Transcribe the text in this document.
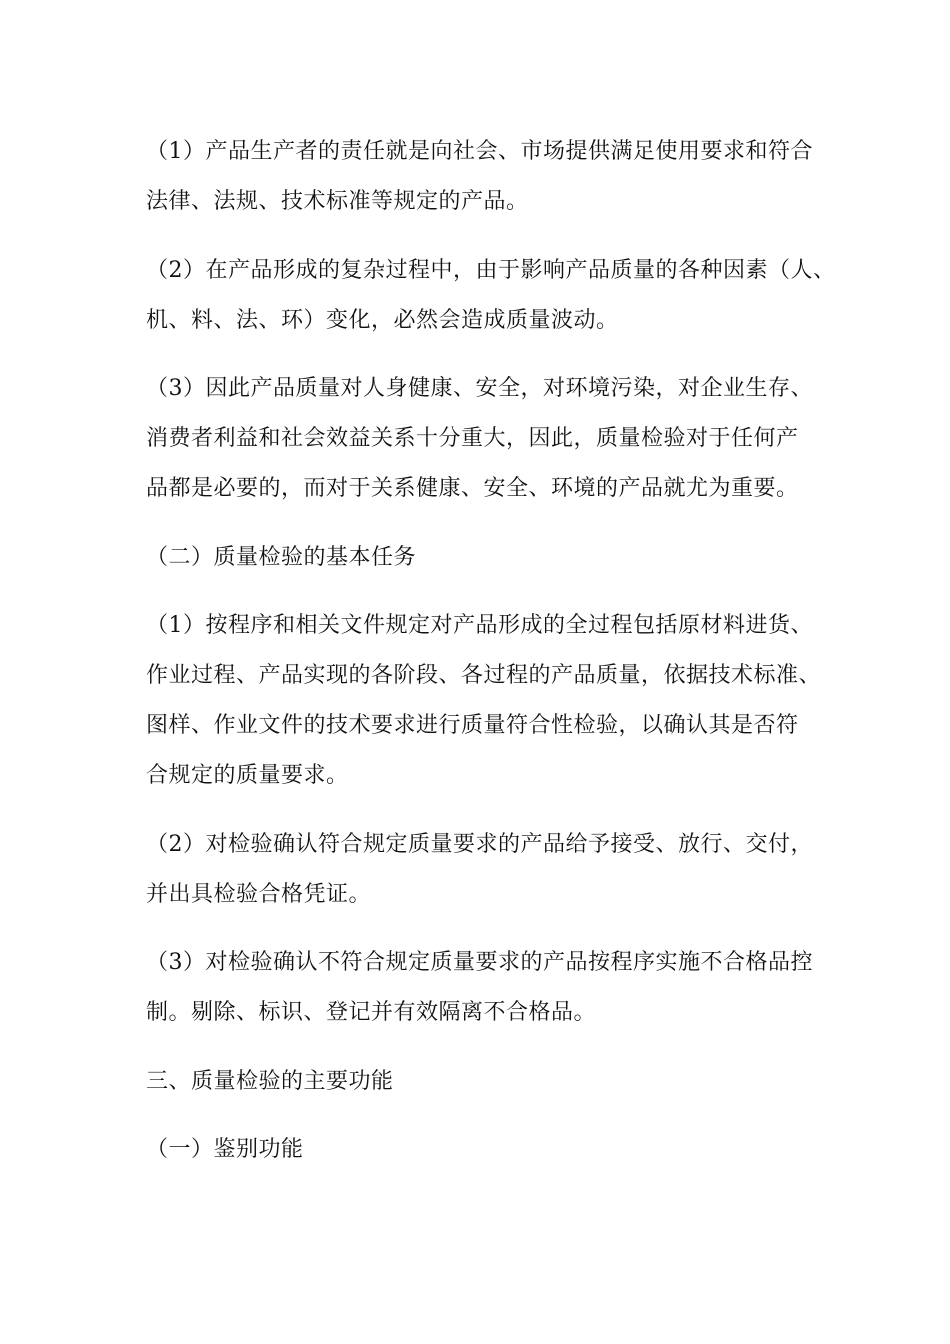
（1）产品生产者的责任就是向社会、市场提供满足使用要求和符合
法律、法规、技术标准等规定的产品。
（2）在产品形成的复杂过程中，由于影响产品质量的各种因素（人、
机、料、法、环）变化，必然会造成质量波动。
（3）因此产品质量对人身健康、安全，对环境污染，对企业生存、
消费者利益和社会效益关系十分重大，因此，质量检验对于任何产
品都是必要的，而对于关系健康、安全、环境的产品就尤为重要。
（二）质量检验的基本任务
（1）按程序和相关文件规定对产品形成的全过程包括原材料进货、
作业过程、产品实现的各阶段、各过程的产品质量，依据技术标准、
图样、作业文件的技术要求进行质量符合性检验，以确认其是否符
合规定的质量要求。
（2）对检验确认符合规定质量要求的产品给予接受、放行、交付，
并出具检验合格凭证。
（3）对检验确认不符合规定质量要求的产品按程序实施不合格品控
制。剔除、标识、登记并有效隔离不合格品。
三、质量检验的主要功能
（一）鉴别功能
